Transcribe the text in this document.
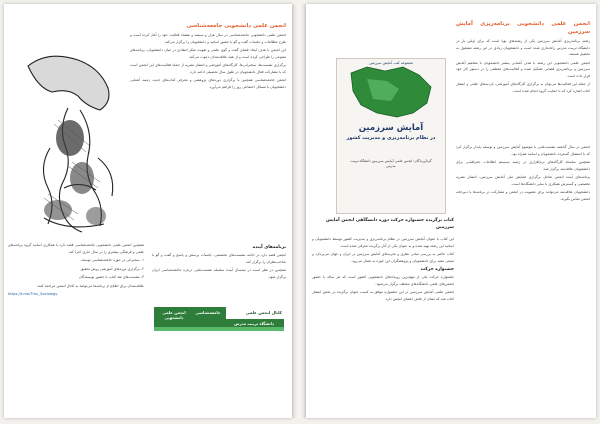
انجمن علمی دانشجویی جامعه‌شناسی

انجمن علمی دانشجویی جامعه‌شناسی در سال هزار و سیصد و هشتاد فعالیت خود را آغاز کرده است و طرح مطالعات و جلسات گفت و گو با حضور اساتید و دانشجویان را برگزار می‌کند.

این انجمن با هدف ایجاد فضای گفت و گوی علمی و تقویت تفکر انتقادی در میان دانشجویان، برنامه‌های متنوعی را طراحی کرده است و از همه علاقه‌مندان دعوت می‌کند.

برگزاری نشست‌ها، سخنرانی‌ها، کارگاه‌های آموزشی و انتشار نشریه از جمله فعالیت‌های این انجمن است که با مشارکت فعال دانشجویان در طول سال تحصیلی ادامه دارد.

انجمن جامعه‌شناسی همچنین با برگزاری دوره‌های پژوهشی و معرفی کتاب‌های جدید، زمینه آشنایی دانشجویان با مسائل اجتماعی روز را فراهم می‌آورد.

همچنین انجمن علمی دانشجویی جامعه‌شناسی قصد دارد با همکاری اساتید گروه برنامه‌های علمی و فرهنگی بیشتری را در سال جاری اجرا کند.

۱. سخنرانی در حوزه جامعه‌شناسی توسعه

۲. برگزاری دوره‌های آموزشی روش تحقیق

۳. نشست‌های نقد کتاب با حضور نویسندگان

علاقه‌مندان برای اطلاع از برنامه‌ها می‌توانند به کانال انجمن مراجعه کنند.

https://t.me/Tmu_Sociology

برنامه‌های آینده

انجمن قصد دارد در ادامه نشست‌های تخصصی، جلسات پرسش و پاسخ و گفت و گو با صاحب‌نظران را برگزار کند.

همچنین در نظر است در نیمسال آینده سلسله نشست‌هایی درباره جامعه‌شناسی ایران برگزار شود.

کانال انجمن علمی
انجمن علمی دانشجویی
جامعه‌شناسی
دانشگاه تربیت مدرس
انجمن علمی دانشجویی برنامه‌ریزی آمایش سرزمین

رشته برنامه‌ریزی آمایش سرزمین یکی از رشته‌های نوپا است که برای اولین بار در دانشگاه تربیت مدرس راه‌اندازی شده است و دانشجویان زیادی در این رشته مشغول به تحصیل هستند.

انجمن علمی دانشجویی این رشته با هدف آشنایی بیشتر دانشجویان با مفاهیم آمایش سرزمین و برنامه‌ریزی فضایی تشکیل شده و فعالیت‌های مختلفی را در دستور کار خود قرار داده است.

از جمله این فعالیت‌ها می‌توان به برگزاری کارگاه‌های آموزشی، بازدیدهای علمی و انتشار کتاب اشاره کرد که با حمایت گروه انجام شده است.

مجموعه کتب آمایش سرزمین
آمایش سرزمین
در نظام برنامه‌ریزی و مدیریت کشور
گردآورندگان: انجمن علمی آمایش سرزمین دانشگاه تربیت مدرس
کتاب برگزیده جشنواره حرکت دوره دانشگاهی انجمن آمایش سرزمین

این کتاب با عنوان آمایش سرزمین در نظام برنامه‌ریزی و مدیریت کشور توسط دانشجویان و اساتید این رشته تهیه شده و به عنوان یکی از آثار برگزیده معرفی شده است.

کتاب حاضر به بررسی مبانی نظری و تجربه‌های آمایش سرزمین در ایران و جهان می‌پردازد و منبعی مفید برای دانشجویان و پژوهشگران این حوزه به شمار می‌رود.

جشنواره حرکت

جشنواره حرکت یکی از مهم‌ترین رویدادهای دانشجویی کشور است که هر ساله با حضور انجمن‌های علمی دانشگاه‌های مختلف برگزار می‌شود.

انجمن علمی آمایش سرزمین در این جشنواره موفق به کسب عنوان برگزیده در بخش انتشار کتاب شد که نشان از تلاش اعضای انجمن دارد.

انجمن در سال گذشته نشست‌هایی با موضوع آمایش سرزمین و توسعه پایدار برگزار کرد که با استقبال گسترده دانشجویان و اساتید همراه بود.

همچنین سلسله کارگاه‌های نرم‌افزاری در زمینه سیستم اطلاعات جغرافیایی برای دانشجویان علاقه‌مند برگزار شد.

برنامه‌های آینده انجمن شامل برگزاری همایش ملی آمایش سرزمین، انتشار نشریه تخصصی و گسترش همکاری با سایر دانشگاه‌ها است.

دانشجویان علاقه‌مند می‌توانند برای عضویت در انجمن و مشارکت در برنامه‌ها با دبیرخانه انجمن تماس بگیرند.
